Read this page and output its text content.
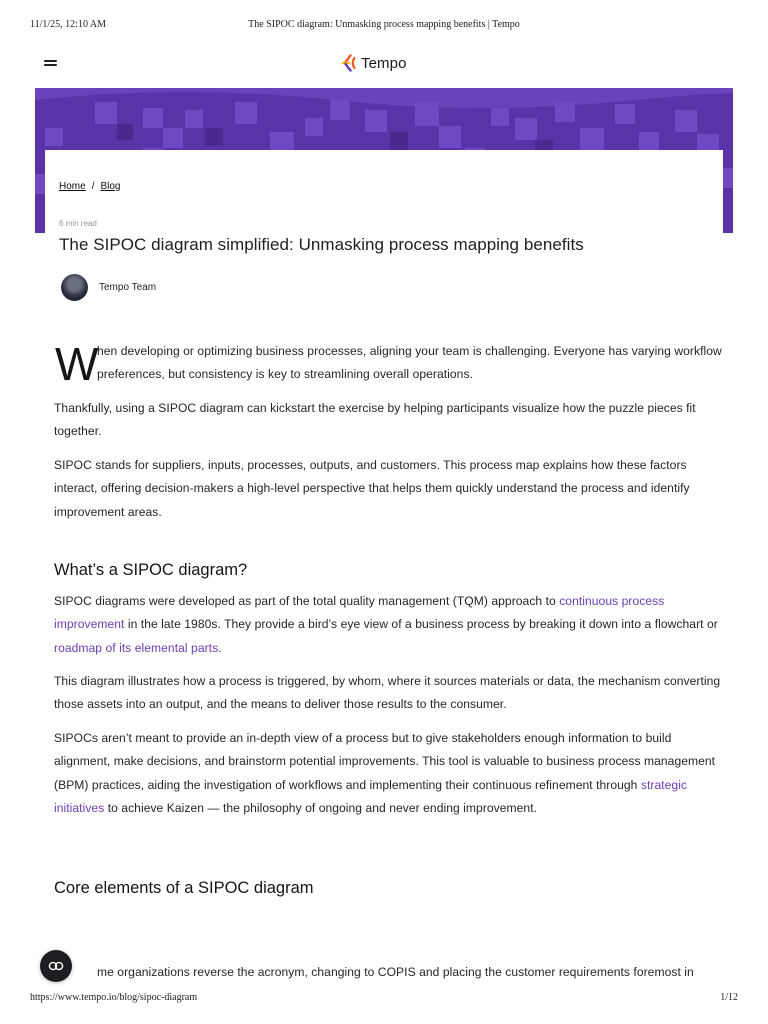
11/1/25, 12:10 AM	The SIPOC diagram: Unmasking process mapping benefits | Tempo
Tempo
Home / Blog
6 min read
The SIPOC diagram simplified: Unmasking process mapping benefits
Tempo Team
W

hen developing or optimizing business processes, aligning your team is challenging. Everyone has varying workflow preferences, but consistency is key to streamlining overall operations.

Thankfully, using a SIPOC diagram can kickstart the exercise by helping participants visualize how the puzzle pieces fit together.

SIPOC stands for suppliers, inputs, processes, outputs, and customers. This process map explains how these factors interact, offering decision-makers a high-level perspective that helps them quickly understand the process and identify improvement areas.

What’s a SIPOC diagram?

SIPOC diagrams were developed as part of the total quality management (TQM) approach to continuous process improvement in the late 1980s. They provide a bird’s eye view of a business process by breaking it down into a flowchart or roadmap of its elemental parts.

This diagram illustrates how a process is triggered, by whom, where it sources materials or data, the mechanism converting those assets into an output, and the means to deliver those results to the consumer.

SIPOCs aren’t meant to provide an in-depth view of a process but to give stakeholders enough information to build alignment, make decisions, and brainstorm potential improvements. This tool is valuable to business process management (BPM) practices, aiding the investigation of workflows and implementing their continuous refinement through strategic initiatives to achieve Kaizen — the philosophy of ongoing and never ending improvement.

Core elements of a SIPOC diagram

me organizations reverse the acronym, changing to COPIS and placing the customer requirements foremost in

https://www.tempo.io/blog/sipoc-diagram	1/12
